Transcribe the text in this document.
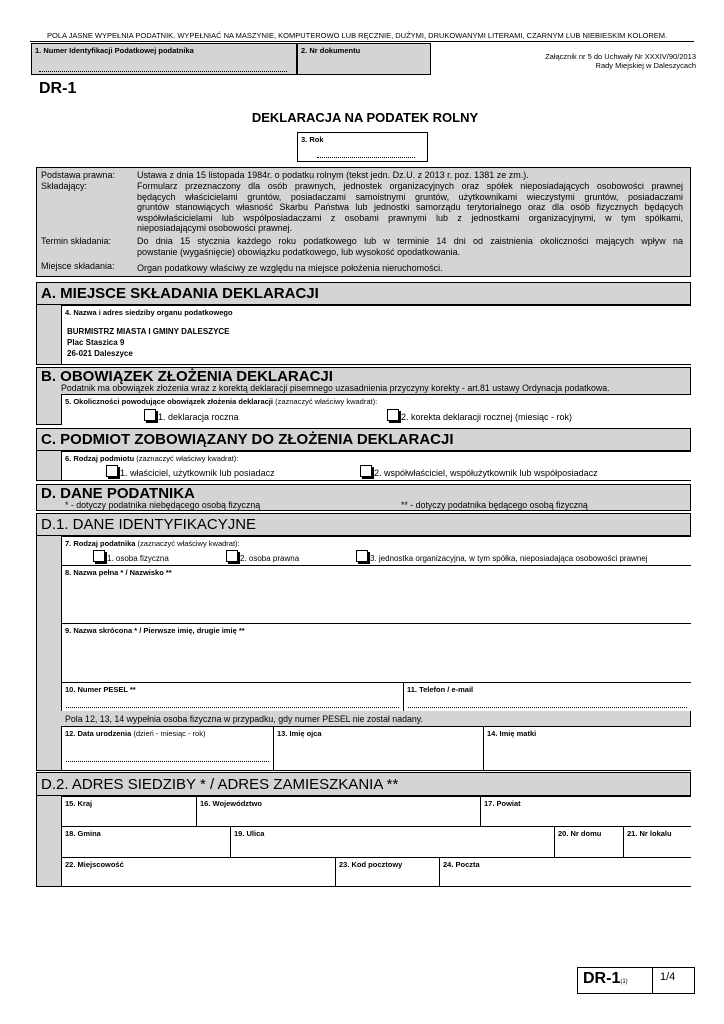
POLA JASNE WYPEŁNIA PODATNIK. WYPEŁNIAĆ NA MASZYNIE, KOMPUTEROWO LUB RĘCZNIE, DUŻYMI, DRUKOWANYMI LITERAMI, CZARNYM LUB NIEBIESKIM KOLOREM.
1. Numer Identyfikacji Podatkowej podatnika	2. Nr dokumentu
Załącznik nr 5 do Uchwały Nr XXXIV/90/2013
Rady Miejskiej w Daleszycach
DR-1
DEKLARACJA NA PODATEK ROLNY
3. Rok
Podstawa prawna: Ustawa z dnia 15 listopada 1984r. o podatku rolnym (tekst jedn. Dz.U. z 2013 r. poz. 1381 ze zm.).
Składający:	Formularz przeznaczony dla osób prawnych, jednostek organizacyjnych oraz spółek nieposiadających osobowości prawnej
będących właścicielami gruntów, posiadaczami samoistnymi gruntów, użytkownikami wieczystymi gruntów, posiadaczami
gruntów stanowiących własność Skarbu Państwa lub jednostki samorządu terytorialnego oraz dla osób fizycznych będących
współwłaścicielami lub współposiadaczami z osobami prawnymi lub z jednostkami organizacyjnymi, w tym spółkami,
nieposiadającymi osobowości prawnej.
Termin składania:	Do dnia 15 stycznia każdego roku podatkowego lub w terminie 14 dni od zaistnienia okoliczności mających wpływ na
powstanie (wygaśnięcie) obowiązku podatkowego, lub wysokość opodatkowania.
Miejsce składania: Organ podatkowy właściwy ze względu na miejsce położenia nieruchomości.
A. MIEJSCE SKŁADANIA DEKLARACJI
4. Nazwa i adres siedziby organu podatkowego
BURMISTRZ MIASTA I GMINY DALESZYCE
Plac Staszica 9
26-021 Daleszyce
B. OBOWIĄZEK ZŁOŻENIA DEKLARACJI
Podatnik ma obowiązek złożenia wraz z korektą deklaracji pisemnego uzasadnienia przyczyny korekty - art.81 ustawy Ordynacja podatkowa.
5. Okoliczności powodujące obowiązek złożenia deklaracji (zaznaczyć właściwy kwadrat):
1. deklaracja roczna	2. korekta deklaracji rocznej (miesiąc - rok)
C. PODMIOT ZOBOWIĄZANY DO ZŁOŻENIA DEKLARACJI
6. Rodzaj podmiotu (zaznaczyć właściwy kwadrat):
1. właściciel, użytkownik lub posiadacz	2. współwłaściciel, współużytkownik lub współposiadacz
D. DANE PODATNIKA
* - dotyczy podatnika niebędącego osobą fizyczną	** - dotyczy podatnika będącego osobą fizyczną
D.1. DANE IDENTYFIKACYJNE
7. Rodzaj podatnika (zaznaczyć właściwy kwadrat):
1. osoba fizyczna	2. osoba prawna	3. jednostka organizacyjna, w tym spółka, nieposiadająca osobowości prawnej
8. Nazwa pełna * / Nazwisko **
9. Nazwa skrócona * / Pierwsze imię, drugie imię **
10. Numer PESEL **	11. Telefon / e-mail
Pola 12, 13, 14 wypełnia osoba fizyczna w przypadku, gdy numer PESEL nie został nadany.
12. Data urodzenia (dzień - miesiąc - rok)	13. Imię ojca	14. Imię matki
D.2. ADRES SIEDZIBY * / ADRES ZAMIESZKANIA **
15. Kraj	16. Województwo	17. Powiat
18. Gmina	19. Ulica	20. Nr domu	21. Nr lokalu
22. Miejscowość	23. Kod pocztowy	24. Poczta
DR-1(1)	1/4
